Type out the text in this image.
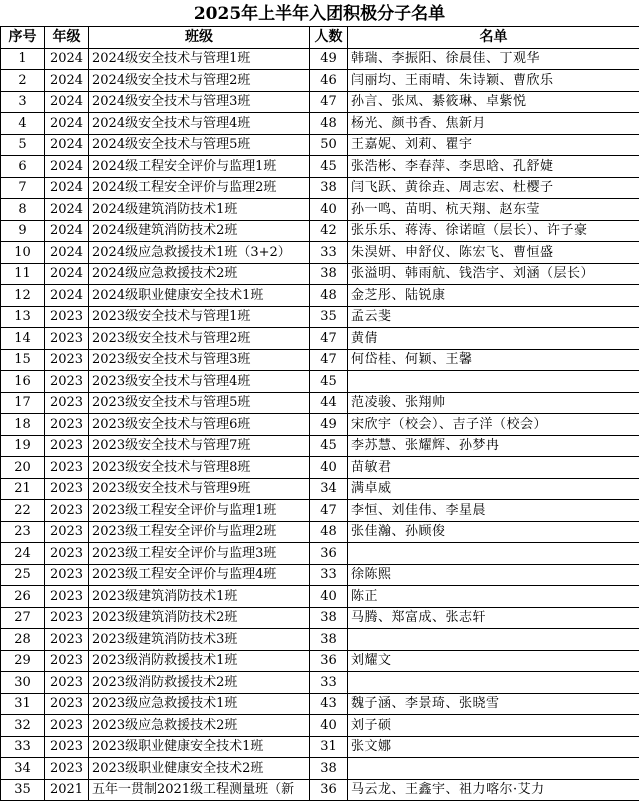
2025年上半年入团积极分子名单
序号	年级	班级	人数	名单
1	2024	2024级安全技术与管理1班	49	韩瑞、李振阳、徐晨佳、丁观华
2	2024	2024级安全技术与管理2班	46	闫丽均、王雨晴、朱诗颖、曹欣乐
3	2024	2024级安全技术与管理3班	47	孙言、张凤、綦筱琳、卓紫悦
4	2024	2024级安全技术与管理4班	48	杨光、颜书香、焦新月
5	2024	2024级安全技术与管理5班	50	王嘉妮、刘莉、瞿宇
6	2024	2024级工程安全评价与监理1班	45	张浩彬、李春萍、李思晗、孔舒婕
7	2024	2024级工程安全评价与监理2班	38	闫飞跃、黄徐垚、周志宏、杜樱子
8	2024	2024级建筑消防技术1班	40	孙一鸣、苗明、杭天翔、赵东莹
9	2024	2024级建筑消防技术2班	42	张乐乐、蒋涛、徐诺暄（层长）、许子豪
10	2024	2024级应急救援技术1班（3+2）	33	朱淏妍、申舒仪、陈宏飞、曹恒盛
11	2024	2024级应急救援技术2班	38	张溢明、韩雨航、钱浩宇、刘涵（层长）
12	2024	2024级职业健康安全技术1班	48	金芝彤、陆锐康
13	2023	2023级安全技术与管理1班	35	孟云斐
14	2023	2023级安全技术与管理2班	47	黄倩
15	2023	2023级安全技术与管理3班	47	何岱桂、何颖、王馨
16	2023	2023级安全技术与管理4班	45	
17	2023	2023级安全技术与管理5班	44	范凌骏、张翔帅
18	2023	2023级安全技术与管理6班	49	宋欣宇（校会）、吉子洋（校会）
19	2023	2023级安全技术与管理7班	45	李苏慧、张耀辉、孙梦冉
20	2023	2023级安全技术与管理8班	40	苗敏君
21	2023	2023级安全技术与管理9班	34	满卓威
22	2023	2023级工程安全评价与监理1班	47	李恒、刘佳伟、李星晨
23	2023	2023级工程安全评价与监理2班	48	张佳瀚、孙顾俊
24	2023	2023级工程安全评价与监理3班	36	
25	2023	2023级工程安全评价与监理4班	33	徐陈熙
26	2023	2023级建筑消防技术1班	40	陈正
27	2023	2023级建筑消防技术2班	38	马腾、郑富成、张志轩
28	2023	2023级建筑消防技术3班	38	
29	2023	2023级消防救援技术1班	36	刘耀文
30	2023	2023级消防救援技术2班	33	
31	2023	2023级应急救援技术1班	43	魏子涵、李景琦、张晓雪
32	2023	2023级应急救援技术2班	40	刘子硕
33	2023	2023级职业健康安全技术1班	31	张文娜
34	2023	2023级职业健康安全技术2班	38	
35	2021	五年一贯制2021级工程测量班（新	36	马云龙、王鑫宇、祖力喀尔·艾力
